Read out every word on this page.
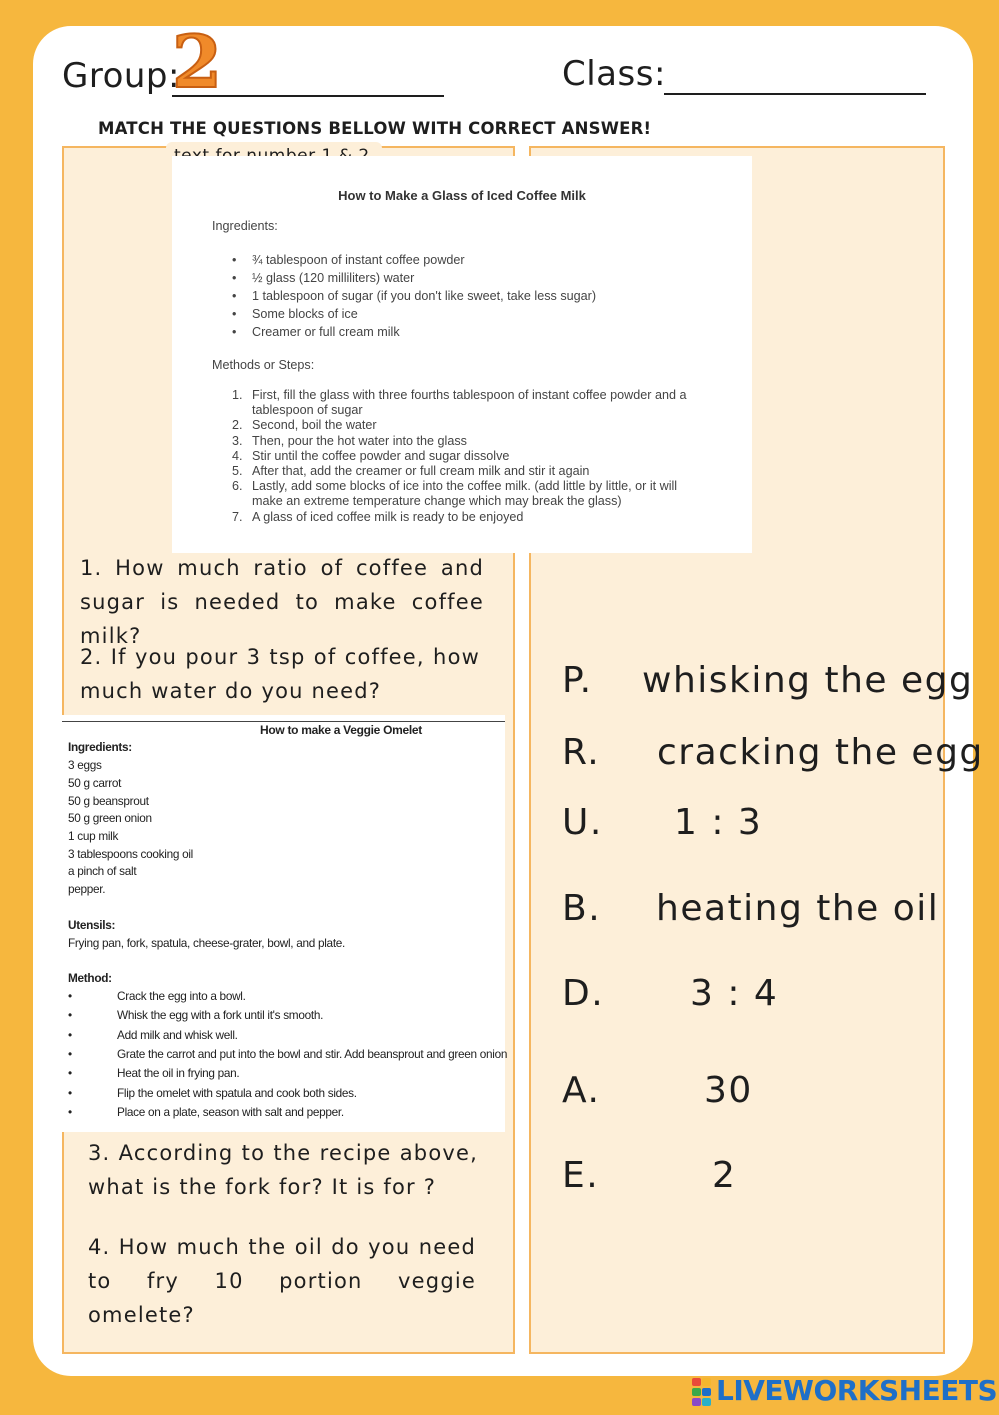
Group:
2	Class:
MATCH THE QUESTIONS BELLOW WITH CORRECT ANSWER!
How to Make a Glass of Iced Coffee Milk
Ingredients:
• ¾ tablespoon of instant coffee powder
• ½ glass (120 milliliters) water
• 1 tablespoon of sugar (if you don't like sweet, take less sugar)
• Some blocks of ice
• Creamer or full cream milk
Methods or Steps:
1. First, fill the glass with three fourths tablespoon of instant coffee powder and a
tablespoon of sugar
2. Second, boil the water
3. Then, pour the hot water into the glass
4. Stir until the coffee powder and sugar dissolve
5. After that, add the creamer or full cream milk and stir it again
6. Lastly, add some blocks of ice into the coffee milk. (add little by little, or it will
make an extreme temperature change which may break the glass)
7. A glass of iced coffee milk is ready to be enjoyed
1. How much ratio of coffee and sugar is needed to make coffee milk?
2. If you pour 3 tsp of coffee, how much water do you need?
How to make a Veggie Omelet
Ingredients:
3 eggs
50 g carrot
50 g beansprout
50 g green onion
1 cup milk
3 tablespoons cooking oil
a pinch of salt
pepper.
Utensils:
Frying pan, fork, spatula, cheese-grater, bowl, and plate.
Method:
•	Crack the egg into a bowl.
•	Whisk the egg with a fork until it's smooth.
•	Add milk and whisk well.
•	Grate the carrot and put into the bowl and stir. Add beansprout and green onion
•	Heat the oil in frying pan.
•	Flip the omelet with spatula and cook both sides.
•	Place on a plate, season with salt and pepper.
3. According to the recipe above, what is the fork for? It is for ?
4. How much the oil do you need to fry 10 portion veggie omelete?
P. whisking the egg
R. cracking the egg
U. 1 : 3
B. heating the oil
D. 3 : 4
A.	30
E.	2
LIVEWORKSHEETS
